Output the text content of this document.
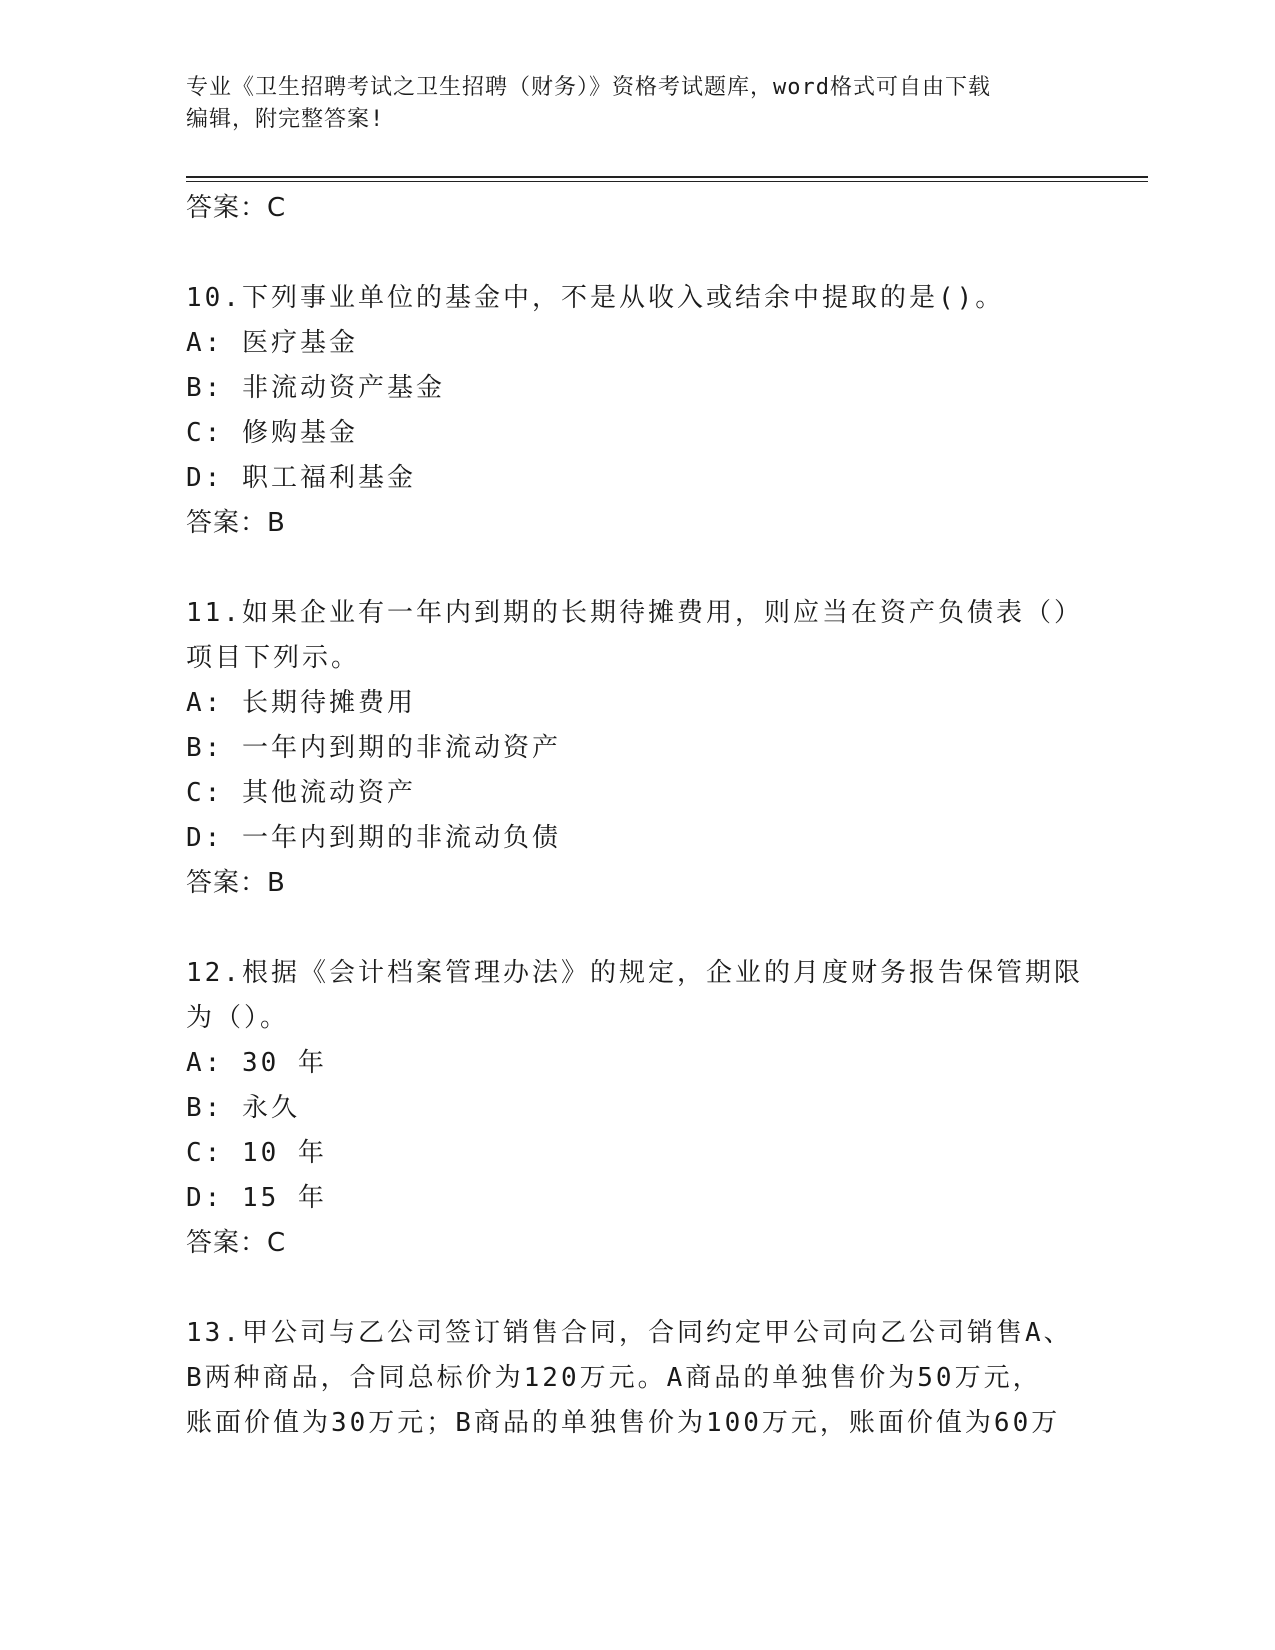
专业《卫生招聘考试之卫生招聘（财务）》资格考试题库，word格式可自由下载
编辑，附完整答案!
答案：C
10.下列事业单位的基金中，不是从收入或结余中提取的是()。
A: 医疗基金
B: 非流动资产基金
C: 修购基金
D: 职工福利基金
答案：B
11.如果企业有一年内到期的长期待摊费用，则应当在资产负债表（）
项目下列示。
A: 长期待摊费用
B: 一年内到期的非流动资产
C: 其他流动资产
D: 一年内到期的非流动负债
答案：B
12.根据《会计档案管理办法》的规定，企业的月度财务报告保管期限
为（）。
A: 30 年
B: 永久
C: 10 年
D: 15 年
答案：C
13.甲公司与乙公司签订销售合同，合同约定甲公司向乙公司销售A、
B两种商品，合同总标价为120万元。A商品的单独售价为50万元，
账面价值为30万元；B商品的单独售价为100万元，账面价值为60万
